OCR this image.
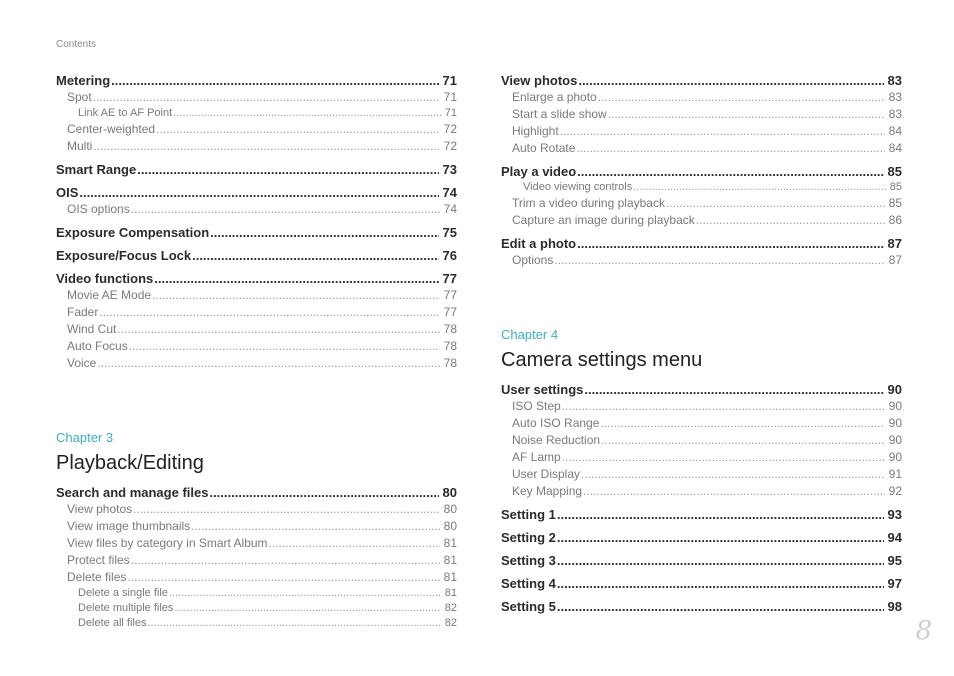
Contents
Metering .....	71
Spot .....	71
Link AE to AF Point .....	71
Center-weighted .....	72
Multi .....	72
Smart Range .....	73
OIS .....	74
OIS options .....	74
Exposure Compensation .....	75
Exposure/Focus Lock .....	76
Video functions .....	77
Movie AE Mode .....	77
Fader .....	77
Wind Cut .....	78
Auto Focus .....	78
Voice .....	78
Chapter 3
Playback/Editing
Search and manage files .....	80
View photos .....	80
View image thumbnails .....	80
View files by category in Smart Album .....	81
Protect files .....	81
Delete files .....	81
Delete a single file .....	81
Delete multiple files .....	82
Delete all files .....	82
View photos .....	83
Enlarge a photo .....	83
Start a slide show .....	83
Highlight .....	84
Auto Rotate .....	84
Play a video .....	85
Video viewing controls .....	85
Trim a video during playback .....	85
Capture an image during playback .....	86
Edit a photo .....	87
Options .....	87
Chapter 4
Camera settings menu
User settings .....	90
ISO Step .....	90
Auto ISO Range .....	90
Noise Reduction .....	90
AF Lamp .....	90
User Display .....	91
Key Mapping .....	92
Setting 1 .....	93
Setting 2 .....	94
Setting 3 .....	95
Setting 4 .....	97
Setting 5 .....	98
8
